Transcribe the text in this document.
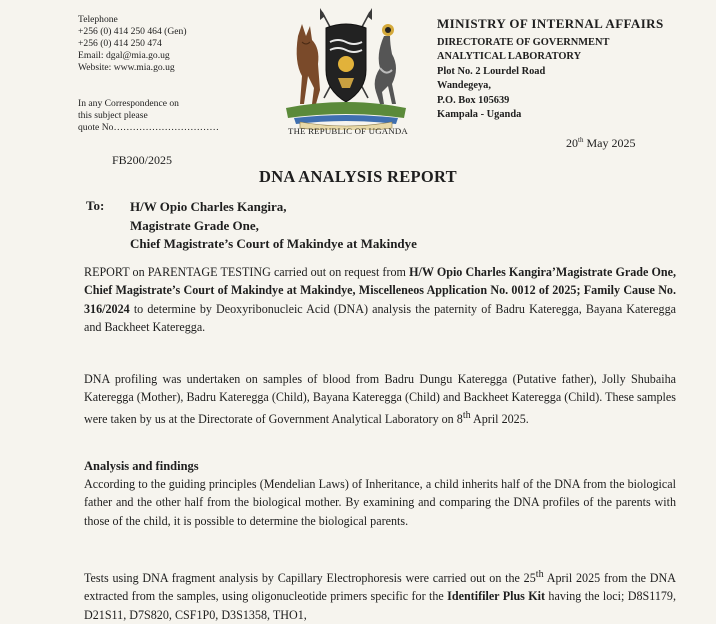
Telephone
+256 (0) 414 250 464 (Gen)
+256 (0) 414 250 474
Email: dgal@mia.go.ug
Website: www.mia.go.ug
In any Correspondence on
this subject please
quote No……………………………	THE REPUBLIC OF UGANDA
MINISTRY OF INTERNAL AFFAIRS
DIRECTORATE OF GOVERNMENT
ANALYTICAL LABORATORY
Plot No. 2 Lourdel Road
Wandegeya,
P.O. Box 105639
Kampala - Uganda
20th May 2025
FB200/2025
DNA ANALYSIS REPORT
To: H/W Opio Charles Kangira,
Magistrate Grade One,
Chief Magistrate’s Court of Makindye at Makindye
REPORT on PARENTAGE TESTING carried out on request from H/W Opio Charles Kangira’Magistrate Grade One, Chief Magistrate’s Court of Makindye at Makindye, Miscelleneos Application No. 0012 of 2025; Family Cause No. 316/2024 to determine by Deoxyribonucleic Acid (DNA) analysis the paternity of Badru Kateregga, Bayana Kateregga and Backheet Kateregga.
DNA profiling was undertaken on samples of blood from Badru Dungu Kateregga (Putative father), Jolly Shubaiha Kateregga (Mother), Badru Kateregga (Child), Bayana Kateregga (Child) and Backheet Kateregga (Child). These samples were taken by us at the Directorate of Government Analytical Laboratory on 8th April 2025.
Analysis and findings
According to the guiding principles (Mendelian Laws) of Inheritance, a child inherits half of the DNA from the biological father and the other half from the biological mother. By examining and comparing the DNA profiles of the parents with those of the child, it is possible to determine the biological parents.
Tests using DNA fragment analysis by Capillary Electrophoresis were carried out on the 25th April 2025 from the DNA extracted from the samples, using oligonucleotide primers specific for the Identifiler Plus Kit having the loci; D8S1179, D21S11, D7S820, CSF1P0, D3S1358, THO1,
